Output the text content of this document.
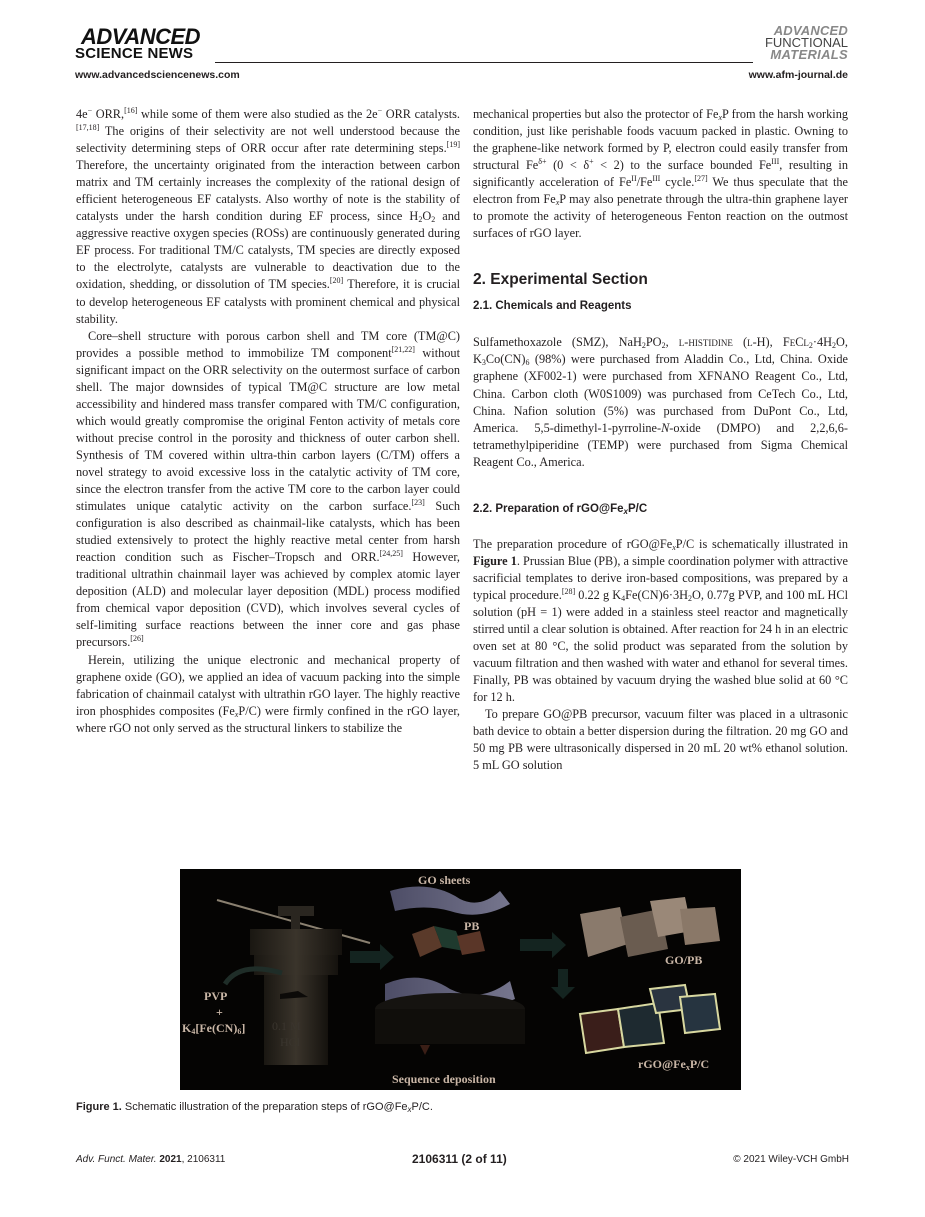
ADVANCED
SCIENCE NEWS
www.advancedsciencenews.com
ADVANCED
FUNCTIONAL
MATERIALS
www.afm-journal.de

4e− ORR,[16] while some of them were also studied as the 2e− ORR catalysts.[17,18] The origins of their selectivity are not well understood because the selectivity determining steps of ORR occur after rate determining steps.[19] Therefore, the uncertainty originated from the interaction between carbon matrix and TM certainly increases the complexity of the rational design of efficient heterogeneous EF catalysts. Also worthy of note is the stability of catalysts under the harsh condition during EF process, since $H_2O_2$ and aggressive reactive oxygen species (ROSs) are continuously generated during EF process. For traditional TM/C catalysts, TM species are directly exposed to the electrolyte, catalysts are vulnerable to deactivation due to the oxidation, shedding, or dissolution of TM species.[20] Therefore, it is crucial to develop heterogeneous EF catalysts with prominent chemical and physical stability.

Core–shell structure with porous carbon shell and TM core (TM@C) provides a possible method to immobilize TM component[21,22] without significant impact on the ORR selectivity on the outermost surface of carbon shell. The major downsides of typical TM@C structure are low metal accessibility and hindered mass transfer compared with TM/C configuration, which would greatly compromise the original Fenton activity of metals core without precise control in the porosity and thickness of outer carbon shell. Synthesis of TM covered within ultra-thin carbon layers (C/TM) offers a novel strategy to avoid excessive loss in the catalytic activity of TM core, since the electron transfer from the active TM core to the carbon layer could stimulates unique catalytic activity on the carbon surface.[23] Such configuration is also described as chainmail-like catalysts, which has been studied extensively to protect the highly reactive metal center from harsh reaction condition such as Fischer–Tropsch and ORR.[24,25] However, traditional ultrathin chainmail layer was achieved by complex atomic layer deposition (ALD) and molecular layer deposition (MDL) process modified from chemical vapor deposition (CVD), which involves several cycles of self-limiting surface reactions between the inner core and gas phase precursors.[26]

Herein, utilizing the unique electronic and mechanical property of graphene oxide (GO), we applied an idea of vacuum packing into the simple fabrication of chainmail catalyst with ultrathin rGO layer. The highly reactive iron phosphides composites $(Fe_xP/C)$ were firmly confined in the rGO layer, where rGO not only served as the structural linkers to stabilize the

mechanical properties but also the protector of $Fe_xP$ from the harsh working condition, just like perishable foods vacuum packed in plastic. Owning to the graphene-like network formed by P, electron could easily transfer from structural $Fe^{\delta+}$ (0 < δ+ < 2) to the surface bounded $Fe^{III}$, resulting in significantly acceleration of $Fe^{II}/Fe^{III}$ cycle.[27] We thus speculate that the electron from $Fe_xP$ may also penetrate through the ultra-thin graphene layer to promote the activity of heterogeneous Fenton reaction on the outmost surfaces of rGO layer.

2. Experimental Section
2.1. Chemicals and Reagents

Sulfamethoxazole (SMZ), $NaH_2PO_2$, l-histidine (l-H), $FeCl_2\cdot 4H_2O$, $K_3Co(CN)_6$ (98%) were purchased from Aladdin Co., Ltd, China. Oxide graphene (XF002-1) were purchased from XFNANO Reagent Co., Ltd, China. Carbon cloth (W0S1009) was purchased from CeTech Co., Ltd, China. Nafion solution (5%) was purchased from DuPont Co., Ltd, America. 5,5-dimethyl-1-pyrroline-N-oxide (DMPO) and 2,2,6,6-tetramethylpiperidine (TEMP) were purchased from Sigma Chemical Reagent Co., America.

2.2. Preparation of $rGO@Fe_xP/C$

The preparation procedure of $rGO@Fe_xP/C$ is schematically illustrated in Figure 1. Prussian Blue (PB), a simple coordination polymer with attractive sacrificial templates to derive iron-based compositions, was prepared by a typical procedure.[28] 0.22 g $K_4Fe(CN)6\cdot 3H_2O$, 0.77g PVP, and 100 mL HCl solution (pH = 1) were added in a stainless steel reactor and magnetically stirred until a clear solution is obtained. After reaction for 24 h in an electric oven set at 80 °C, the solid product was separated from the solution by vacuum filtration and then washed with water and ethanol for several times. Finally, PB was obtained by vacuum drying the washed blue solid at 60 °C for 12 h.

To prepare GO@PB precursor, vacuum filter was placed in a ultrasonic bath device to obtain a better dispersion during the filtration. 20 mg GO and 50 mg PB were ultrasonically dispersed in 20 mL 20 wt% ethanol solution. 5 mL GO solution

GO sheets
PB
GO/PB
PVP
+
$K_4[Fe(CN)_6]$ 0.1 M
HCl
$rGO@Fe_xP/C$
Sequence deposition
Figure 1. Schematic illustration of the preparation steps of $rGO@Fe_xP/C$.
Adv. Funct. Mater. 2021, 2106311	2106311 (2 of 11)	© 2021 Wiley-VCH GmbH
